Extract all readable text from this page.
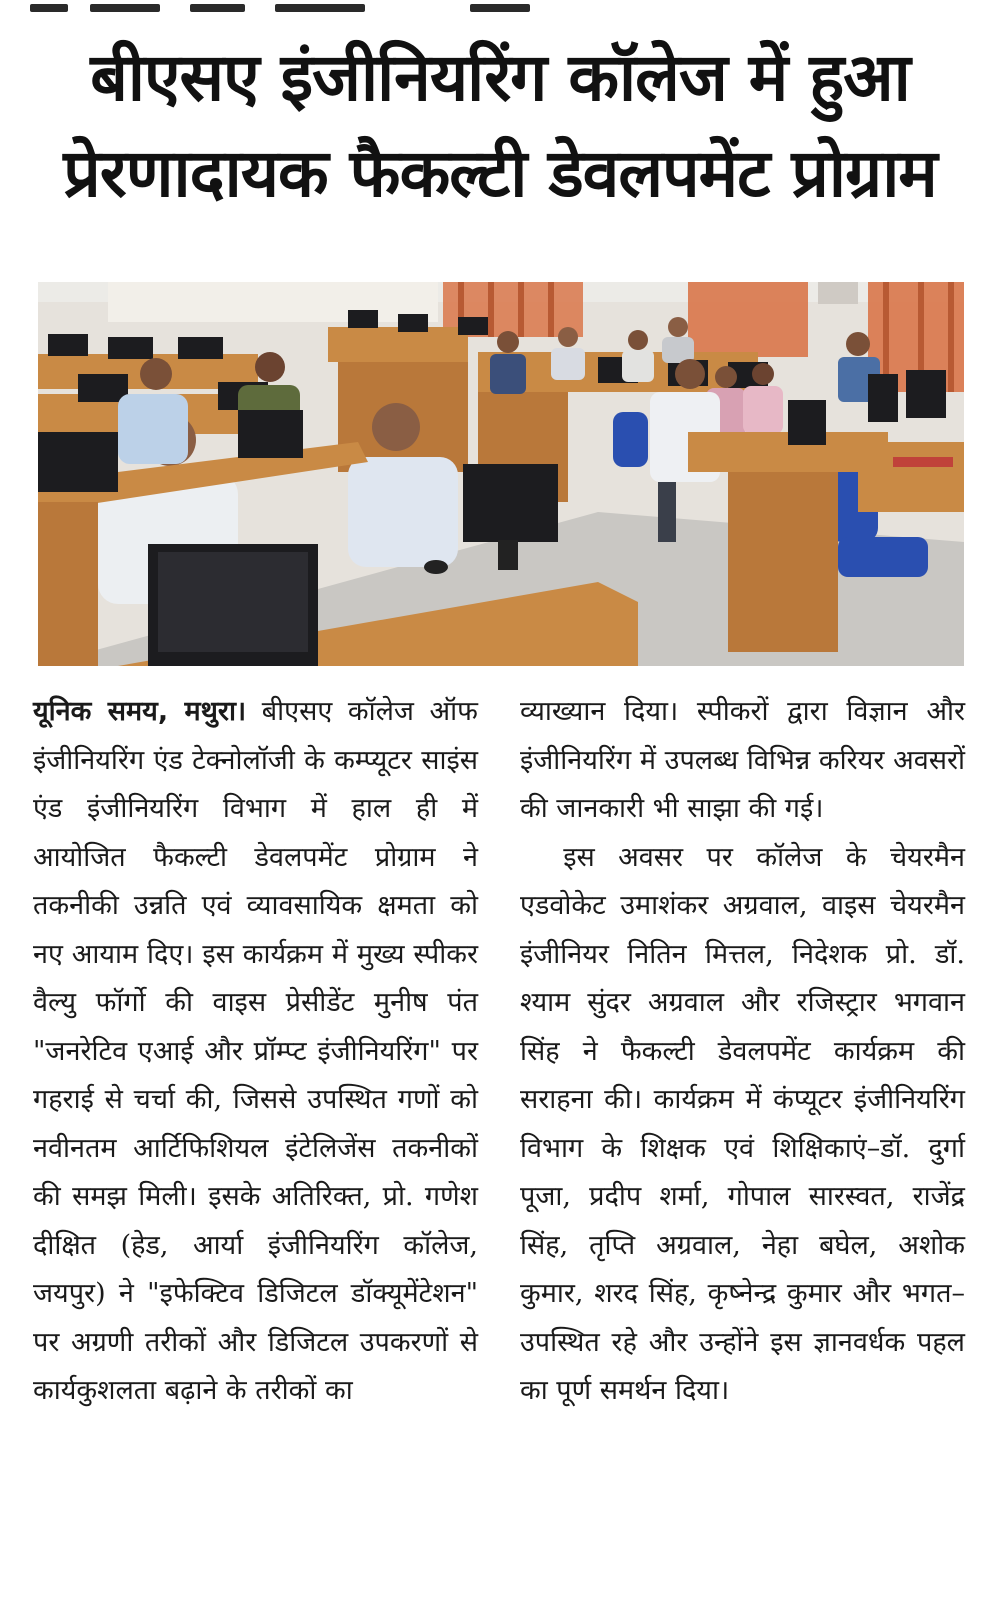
बीएसए इंजीनियरिंग कॉलेज में हुआ
प्रेरणादायक फैकल्टी डेवलपमेंट प्रोग्राम
यूनिक समय, मथुरा। बीएसए कॉलेज ऑफ इंजीनियरिंग एंड टेक्नोलॉजी के कम्प्यूटर साइंस एंड इंजीनियरिंग विभाग में हाल ही में आयोजित फैकल्टी डेवलपमेंट प्रोग्राम ने तकनीकी उन्नति एवं व्यावसायिक क्षमता को नए आयाम दिए। इस कार्यक्रम में मुख्य स्पीकर वैल्यु फॉर्गो की वाइस प्रेसीडेंट मुनीष पंत "जनरेटिव एआई और प्रॉम्प्ट इंजीनियरिंग" पर गहराई से चर्चा की, जिससे उपस्थित गणों को नवीनतम आर्टिफिशियल इंटेलिजेंस तकनीकों की समझ मिली। इसके अतिरिक्त, प्रो. गणेश दीक्षित (हेड, आर्या इंजीनियरिंग कॉलेज, जयपुर) ने "इफेक्टिव डिजिटल डॉक्यूमेंटेशन" पर अग्रणी तरीकों और डिजिटल उपकरणों से कार्यकुशलता बढ़ाने के तरीकों का

व्याख्यान दिया। स्पीकरों द्वारा विज्ञान और इंजीनियरिंग में उपलब्ध विभिन्न करियर अवसरों की जानकारी भी साझा की गई।

इस अवसर पर कॉलेज के चेयरमैन एडवोकेट उमाशंकर अग्रवाल, वाइस चेयरमैन इंजीनियर नितिन मित्तल, निदेशक प्रो. डॉ. श्याम सुंदर अग्रवाल और रजिस्ट्रार भगवान सिंह ने फैकल्टी डेवलपमेंट कार्यक्रम की सराहना की। कार्यक्रम में कंप्यूटर इंजीनियरिंग विभाग के शिक्षक एवं शिक्षिकाएं–डॉ. दुर्गा पूजा, प्रदीप शर्मा, गोपाल सारस्वत, राजेंद्र सिंह, तृप्ति अग्रवाल, नेहा बघेल, अशोक कुमार, शरद सिंह, कृष्नेन्द्र कुमार और भगत–उपस्थित रहे और उन्होंने इस ज्ञानवर्धक पहल का पूर्ण समर्थन दिया।
